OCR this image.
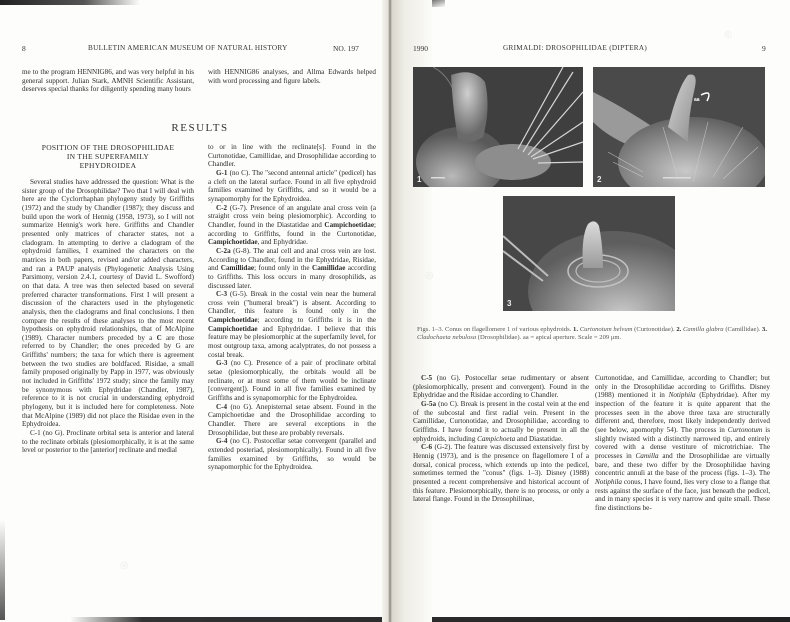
8	BULLETIN AMERICAN MUSEUM OF NATURAL HISTORY	NO. 197

me to the program HENNIG86, and was very helpful in his general support. Julian Stark, AMNH Scientific Assistant, deserves special thanks for diligently spending many hours

with HENNIG86 analyses, and Allma Edwards helped with word processing and figure labels.

RESULTS
POSITION OF THE DROSOPHILIDAE
IN THE SUPERFAMILY
EPHYDROIDEA

Several studies have addressed the question: What is the sister group of the Drosophilidae? Two that I will deal with here are the Cyclorrhaphan phylogeny study by Griffiths (1972) and the study by Chandler (1987); they discuss and build upon the work of Hennig (1958, 1973), so I will not summarize Hennig's work here. Griffiths and Chandler presented only matrices of character states, not a cladogram. In attempting to derive a cladogram of the ephydroid families, I examined the characters on the matrices in both papers, revised and/or added characters, and ran a PAUP analysis (Phylogenetic Analysis Using Parsimony, version 2.4.1, courtesy of David L. Swofford) on that data. A tree was then selected based on several preferred character transformations. First I will present a discussion of the characters used in the phylogenetic analysis, then the cladograms and final conclusions. I then compare the results of these analyses to the most recent hypothesis on ephydroid relationships, that of McAlpine (1989). Character numbers preceded by a C are those referred to by Chandler; the ones preceded by G are Griffiths' numbers; the taxa for which there is agreement between the two studies are boldfaced. Risidae, a small family proposed originally by Papp in 1977, was obviously not included in Griffiths' 1972 study; since the family may be synonymous with Ephydridae (Chandler, 1987), reference to it is not crucial in understanding ephydroid phylogeny, but it is included here for completeness. Note that McAlpine (1989) did not place the Risidae even in the Ephydroidea.

C-1 (no G). Proclinate orbital seta is anterior and lateral to the reclinate orbitals (plesiomorphically, it is at the same level or posterior to the [anterior] reclinate and medial

to or in line with the reclinate[s]. Found in the Curtonotidae, Camillidae, and Drosophilidae according to Chandler.

G-1 (no C). The "second antennal article" (pedicel) has a cleft on the lateral surface. Found in all five ephydroid families examined by Griffiths, and so it would be a synapomorphy for the Ephydroidea.

C-2 (G-7). Presence of an angulate anal cross vein (a straight cross vein being plesiomorphic). According to Chandler, found in the Diastatidae and Campichoetidae; according to Griffiths, found in the Curtonotidae, Campichoetidae, and Ephydridae.

C-2a (G-8). The anal cell and anal cross vein are lost. According to Chandler, found in the Ephydridae, Risidae, and Camillidae; found only in the Camillidae according to Griffiths. This loss occurs in many drosophilids, as discussed later.

C-3 (G-5). Break in the costal vein near the humeral cross vein ("humeral break") is absent. According to Chandler, this feature is found only in the Campichoetidae; according to Griffiths it is in the Campichoetidae and Ephydridae. I believe that this feature may be plesiomorphic at the superfamily level, for most outgroup taxa, among acalyptrates, do not possess a costal break.

G-3 (no C). Presence of a pair of proclinate orbital setae (plesiomorphically, the orbitals would all be reclinate, or at most some of them would be inclinate [convergent]). Found in all five families examined by Griffiths and is synapomorphic for the Ephydroidea.

C-4 (no G). Anepisternal setae absent. Found in the Campichoetidae and the Drosophilidae according to Chandler. There are several exceptions in the Drosophilidae, but these are probably reversals.

G-4 (no C). Postocellar setae convergent (parallel and extended posteriad, plesiomorphically). Found in all five families examined by Griffiths, so would be synapomorphic for the Ephydroidea.

◎
1990	GRIMALDI: DROSOPHILIDAE (DIPTERA)	9
℗
1
aa
2
3
◎
Figs. 1–3. Conus on flagellomere 1 of various ephydroids. 1. Curtonotum helvum (Curtonotidae). 2. Camilla glabra (Camillidae). 3. Cladochaeta nebulosa (Drosophilidae). aa = apical aperture. Scale = 209 μm.

C-5 (no G). Postocellar setae rudimentary or absent (plesiomorphically, present and convergent). Found in the Ephydridae and the Risidae according to Chandler.

G-5a (no C). Break is present in the costal vein at the end of the subcostal and first radial vein. Present in the Camillidae, Curtonotidae, and Drosophilidae, according to Griffiths. I have found it to actually be present in all the ephydroids, including Campichoeta and Diastatidae.

C-6 (G-2). The feature was discussed extensively first by Hennig (1973), and is the presence on flagellomere I of a dorsal, conical process, which extends up into the pedicel, sometimes termed the "conus" (figs. 1–3). Disney (1988) presented a recent comprehensive and historical account of this feature. Plesiomorphically, there is no process, or only a lateral flange. Found in the Drosophilinae,

Curtonotidae, and Camillidae, according to Chandler; but only in the Drosophilidae according to Griffiths. Disney (1988) mentioned it in Notiphila (Ephydridae). After my inspection of the feature it is quite apparent that the processes seen in the above three taxa are structurally different and, therefore, most likely independently derived (see below, apomorphy 54). The process in Curtonotum is slightly twisted with a distinctly narrowed tip, and entirely covered with a dense vestiture of microtrichiae. The processes in Camilla and the Drosophilidae are virtually bare, and these two differ by the Drosophilidae having concentric annuli at the base of the process (figs. 1–3). The Notiphila conus, I have found, lies very close to a flange that rests against the surface of the face, just beneath the pedicel, and in many species it is very narrow and quite small. These fine distinctions be-
